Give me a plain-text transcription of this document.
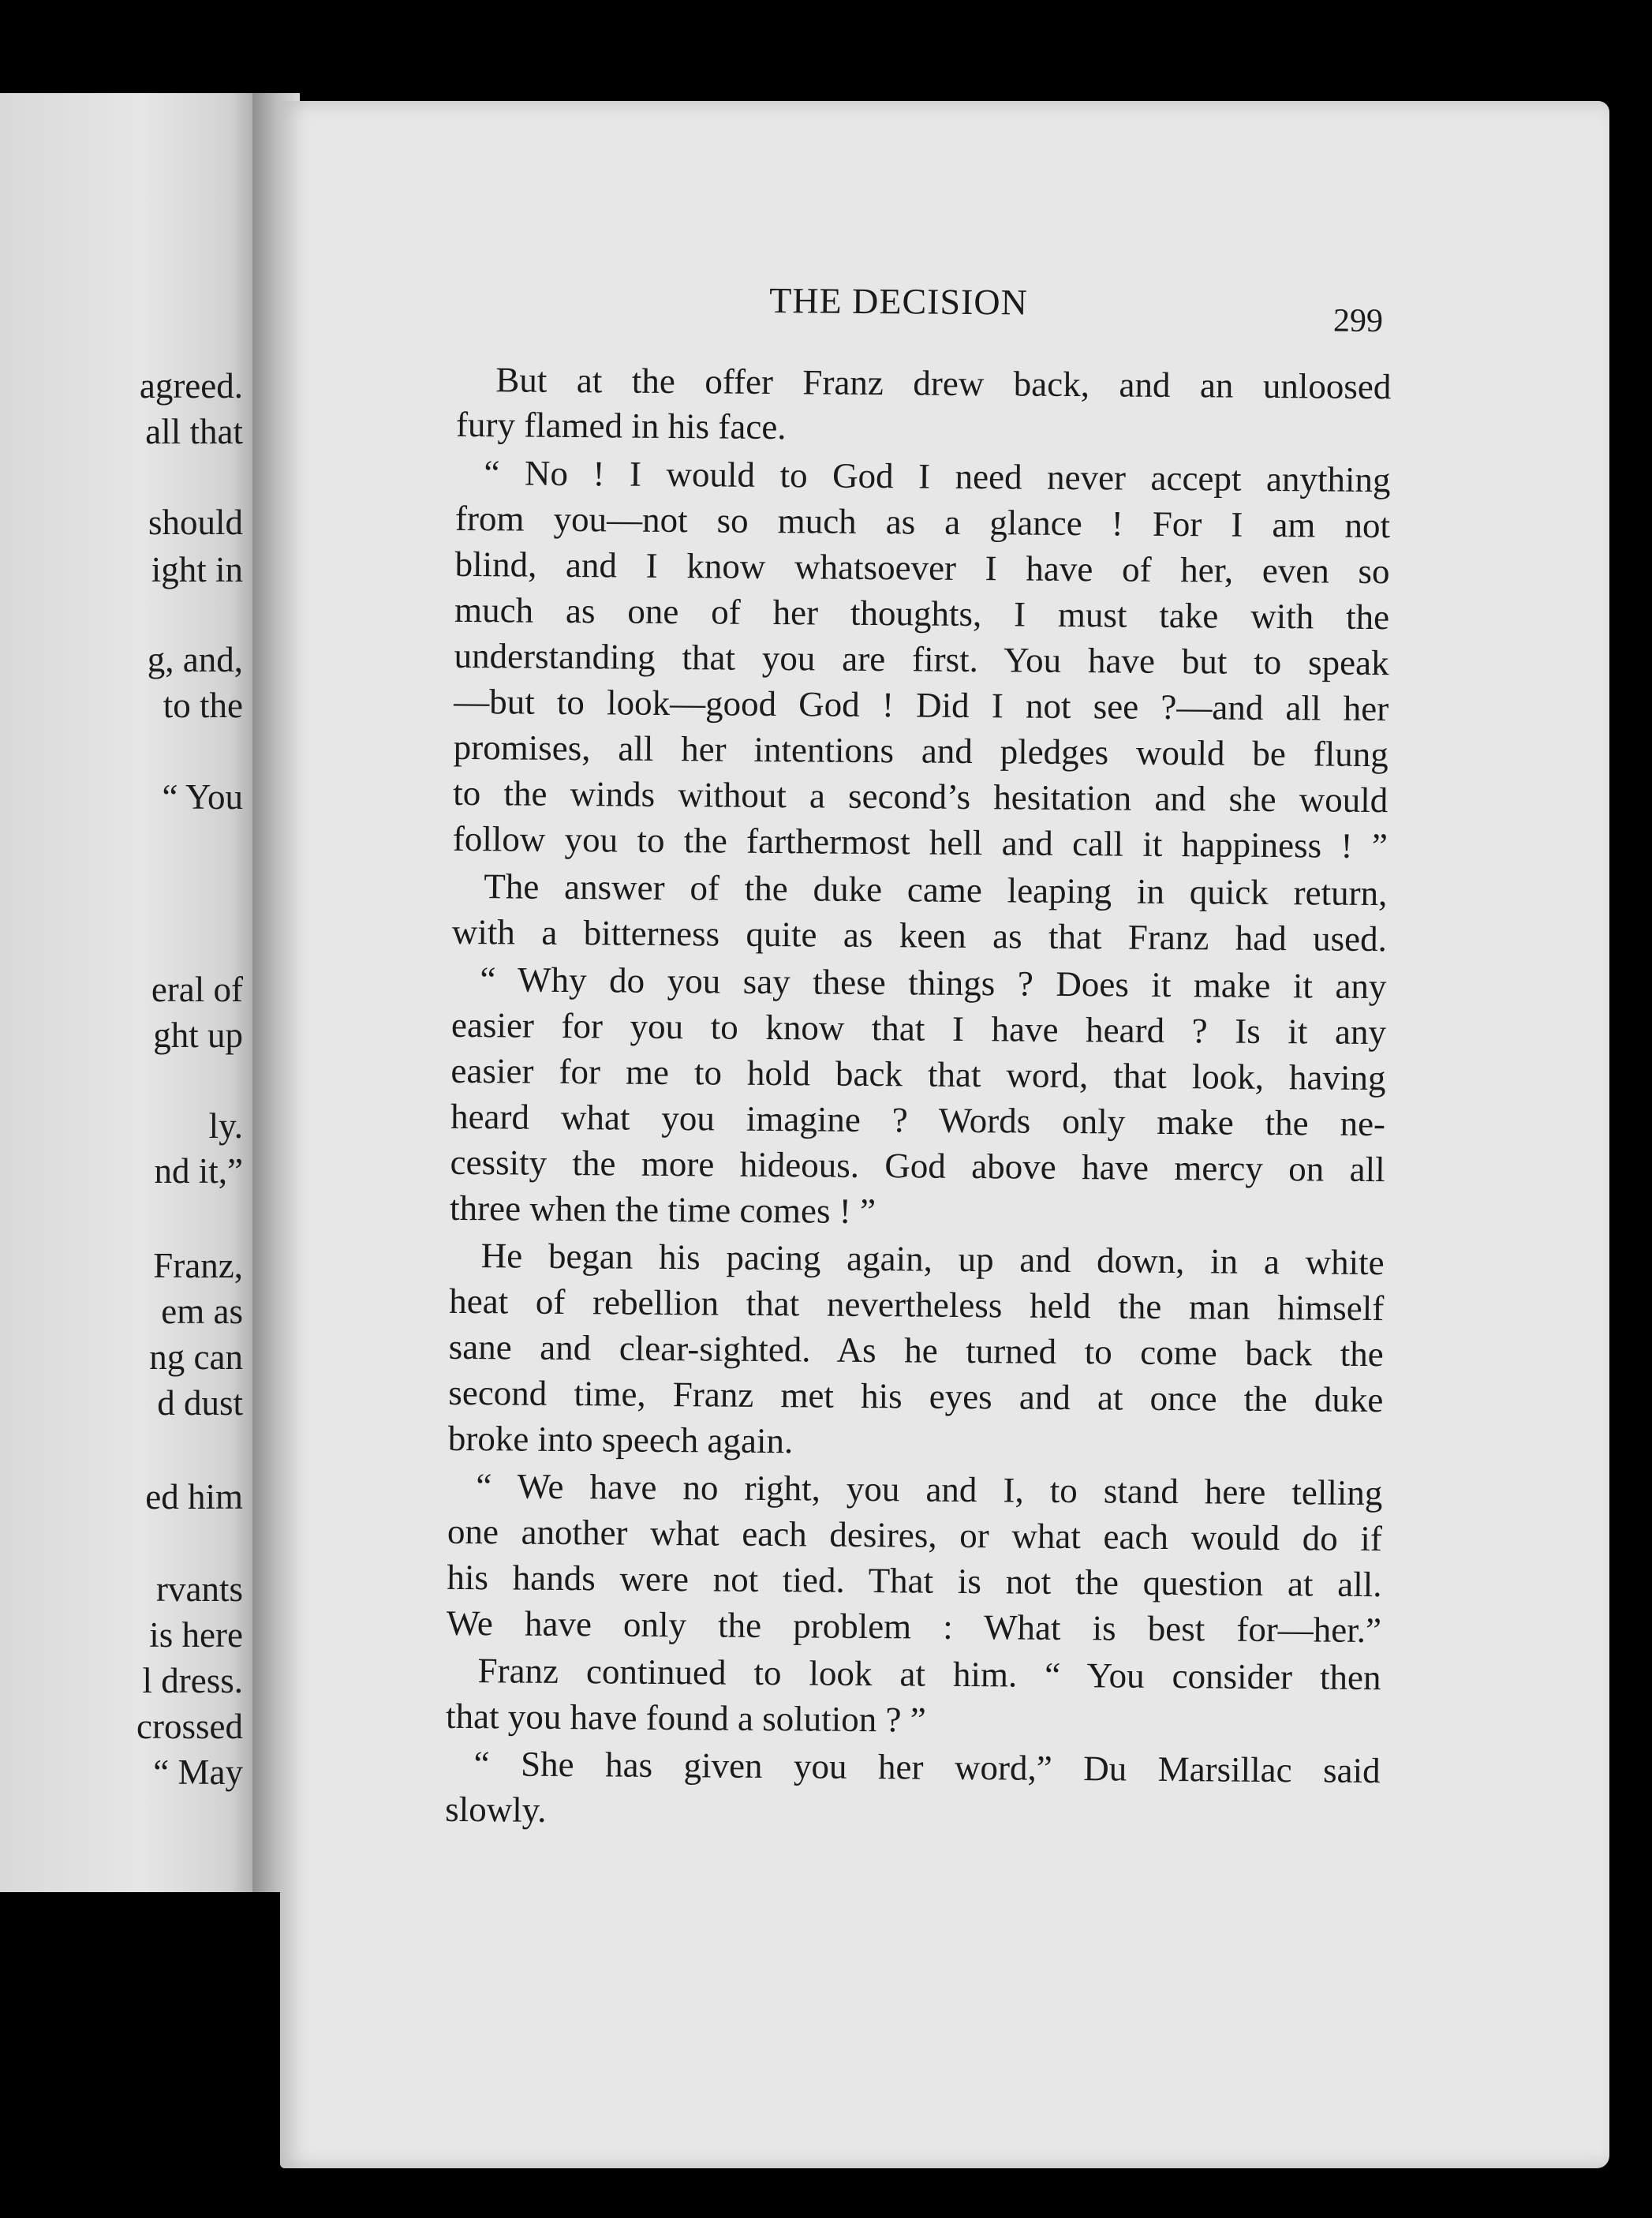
agreed.
all that
should
ight in
g, and,
to the
“ You
eral of
ght up
ly.
nd it,”
Franz,
em as
ng can
d dust
ed him
rvants
is here
l dress.
crossed
“ May
THE DECISION	299
But at the offer Franz drew back, and an unloosed
fury flamed in his face.
“ No ! I would to God I need never accept anything
from you—not so much as a glance ! For I am not
blind, and I know whatsoever I have of her, even so
much as one of her thoughts, I must take with the
understanding that you are first. You have but to speak
—but to look—good God ! Did I not see ?—and all her
promises, all her intentions and pledges would be flung
to the winds without a second’s hesitation and she would
follow you to the farthermost hell and call it happiness ! ”
The answer of the duke came leaping in quick return,
with a bitterness quite as keen as that Franz had used.
“ Why do you say these things ? Does it make it any
easier for you to know that I have heard ? Is it any
easier for me to hold back that word, that look, having
heard what you imagine ? Words only make the ne-
cessity the more hideous. God above have mercy on all
three when the time comes ! ”
He began his pacing again, up and down, in a white
heat of rebellion that nevertheless held the man himself
sane and clear-sighted. As he turned to come back the
second time, Franz met his eyes and at once the duke
broke into speech again.
“ We have no right, you and I, to stand here telling
one another what each desires, or what each would do if
his hands were not tied. That is not the question at all.
We have only the problem : What is best for—her.”
Franz continued to look at him. “ You consider then
that you have found a solution ? ”
“ She has given you her word,” Du Marsillac said
slowly.
